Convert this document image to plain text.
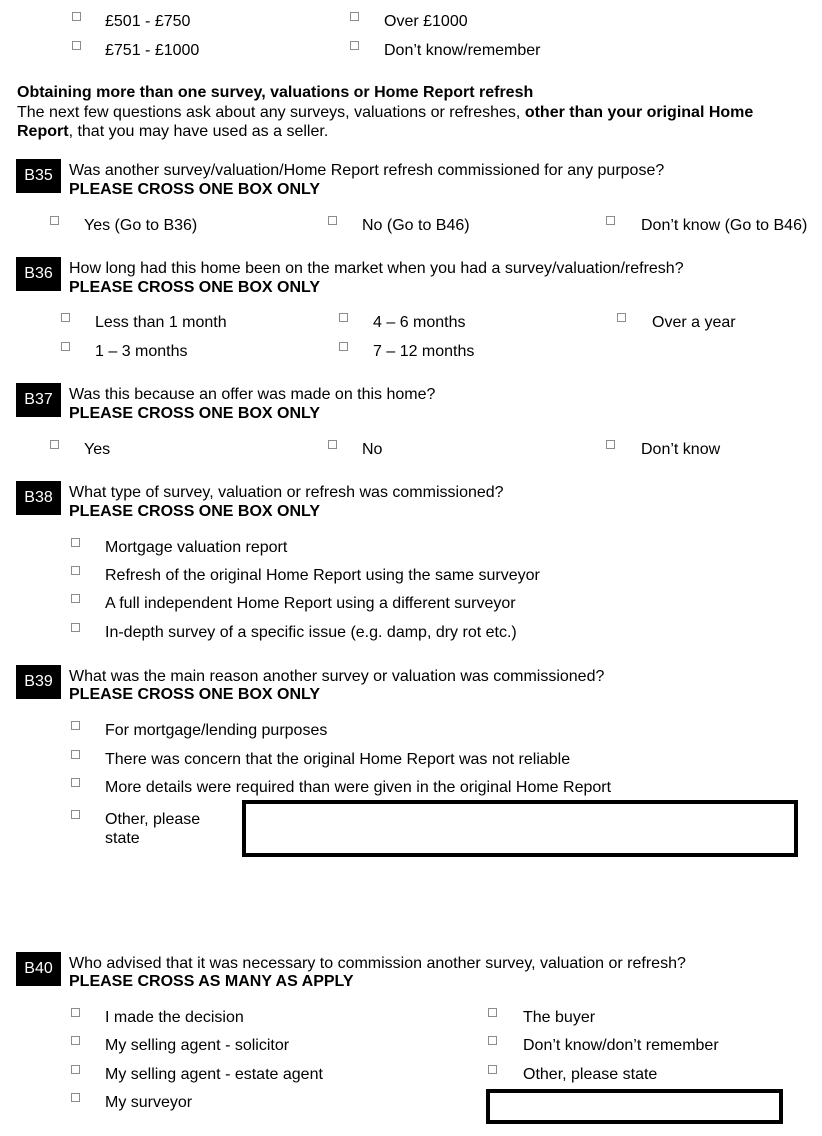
£501 - £750
£751 - £1000
Over £1000
Don’t know/remember
Obtaining more than one survey, valuations or Home Report refresh
The next few questions ask about any surveys, valuations or refreshes, other than your original Home Report, that you may have used as a seller.
B35	Was another survey/valuation/Home Report refresh commissioned for any purpose?
PLEASE CROSS ONE BOX ONLY
Yes (Go to B36)	No (Go to B46)	Don’t know (Go to B46)
B36	How long had this home been on the market when you had a survey/valuation/refresh?
PLEASE CROSS ONE BOX ONLY
Less than 1 month
1 – 3 months
4 – 6 months
7 – 12 months
Over a year
B37	Was this because an offer was made on this home?
PLEASE CROSS ONE BOX ONLY
Yes	No	Don’t know
B38	What type of survey, valuation or refresh was commissioned?
PLEASE CROSS ONE BOX ONLY
Mortgage valuation report
Refresh of the original Home Report using the same surveyor
A full independent Home Report using a different surveyor
In-depth survey of a specific issue (e.g. damp, dry rot etc.)
B39	What was the main reason another survey or valuation was commissioned?
PLEASE CROSS ONE BOX ONLY
For mortgage/lending purposes
There was concern that the original Home Report was not reliable
More details were required than were given in the original Home Report
Other, please
state
B40	Who advised that it was necessary to commission another survey, valuation or refresh?
PLEASE CROSS AS MANY AS APPLY
I made the decision
My selling agent - solicitor
My selling agent - estate agent
My surveyor
The buyer
Don’t know/don’t remember
Other, please state
